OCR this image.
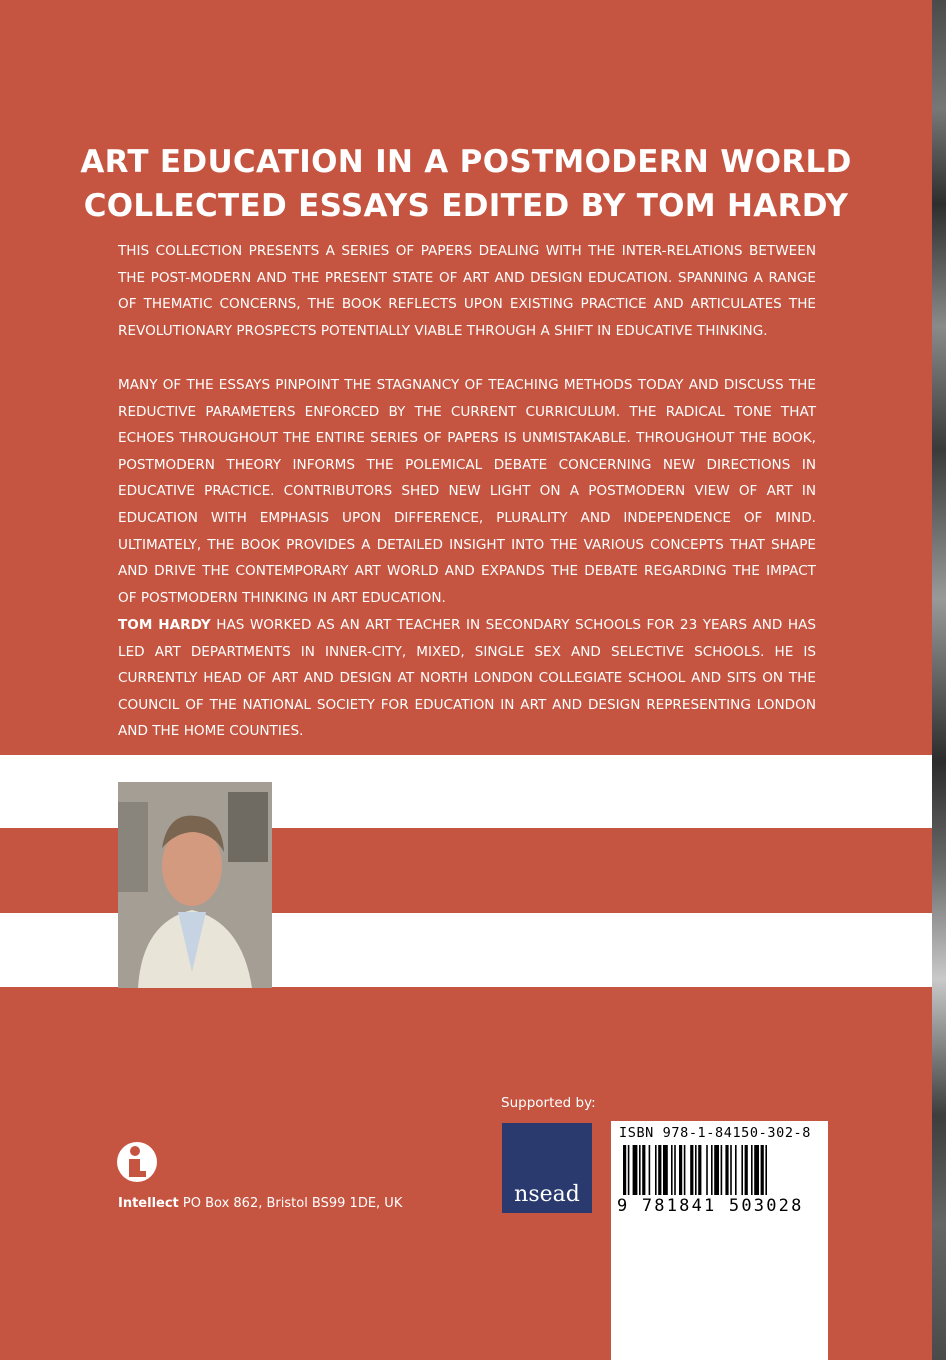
ART EDUCATION IN A POSTMODERN WORLD
COLLECTED ESSAYS EDITED BY TOM HARDY

THIS COLLECTION PRESENTS A SERIES OF PAPERS DEALING WITH THE INTER-RELATIONS BETWEEN THE POST-MODERN AND THE PRESENT STATE OF ART AND DESIGN EDUCATION. SPANNING A RANGE OF THEMATIC CONCERNS, THE BOOK REFLECTS UPON EXISTING PRACTICE AND ARTICULATES THE REVOLUTIONARY PROSPECTS POTENTIALLY VIABLE THROUGH A SHIFT IN EDUCATIVE THINKING.

MANY OF THE ESSAYS PINPOINT THE STAGNANCY OF TEACHING METHODS TODAY AND DISCUSS THE REDUCTIVE PARAMETERS ENFORCED BY THE CURRENT CURRICULUM. THE RADICAL TONE THAT ECHOES THROUGHOUT THE ENTIRE SERIES OF PAPERS IS UNMISTAKABLE. THROUGHOUT THE BOOK, POSTMODERN THEORY INFORMS THE POLEMICAL DEBATE CONCERNING NEW DIRECTIONS IN EDUCATIVE PRACTICE. CONTRIBUTORS SHED NEW LIGHT ON A POSTMODERN VIEW OF ART IN EDUCATION WITH EMPHASIS UPON DIFFERENCE, PLURALITY AND INDEPENDENCE OF MIND. ULTIMATELY, THE BOOK PROVIDES A DETAILED INSIGHT INTO THE VARIOUS CONCEPTS THAT SHAPE AND DRIVE THE CONTEMPORARY ART WORLD AND EXPANDS THE DEBATE REGARDING THE IMPACT OF POSTMODERN THINKING IN ART EDUCATION.

TOM HARDY HAS WORKED AS AN ART TEACHER IN SECONDARY SCHOOLS FOR 23 YEARS AND HAS LED ART DEPARTMENTS IN INNER-CITY, MIXED, SINGLE SEX AND SELECTIVE SCHOOLS. HE IS CURRENTLY HEAD OF ART AND DESIGN AT NORTH LONDON COLLEGIATE SCHOOL AND SITS ON THE COUNCIL OF THE NATIONAL SOCIETY FOR EDUCATION IN ART AND DESIGN REPRESENTING LONDON AND THE HOME COUNTIES.

Intellect PO Box 862, Bristol BS99 1DE, UK

Supported by:

nsead
ISBN 978-1-84150-302-8
9 781841 503028
